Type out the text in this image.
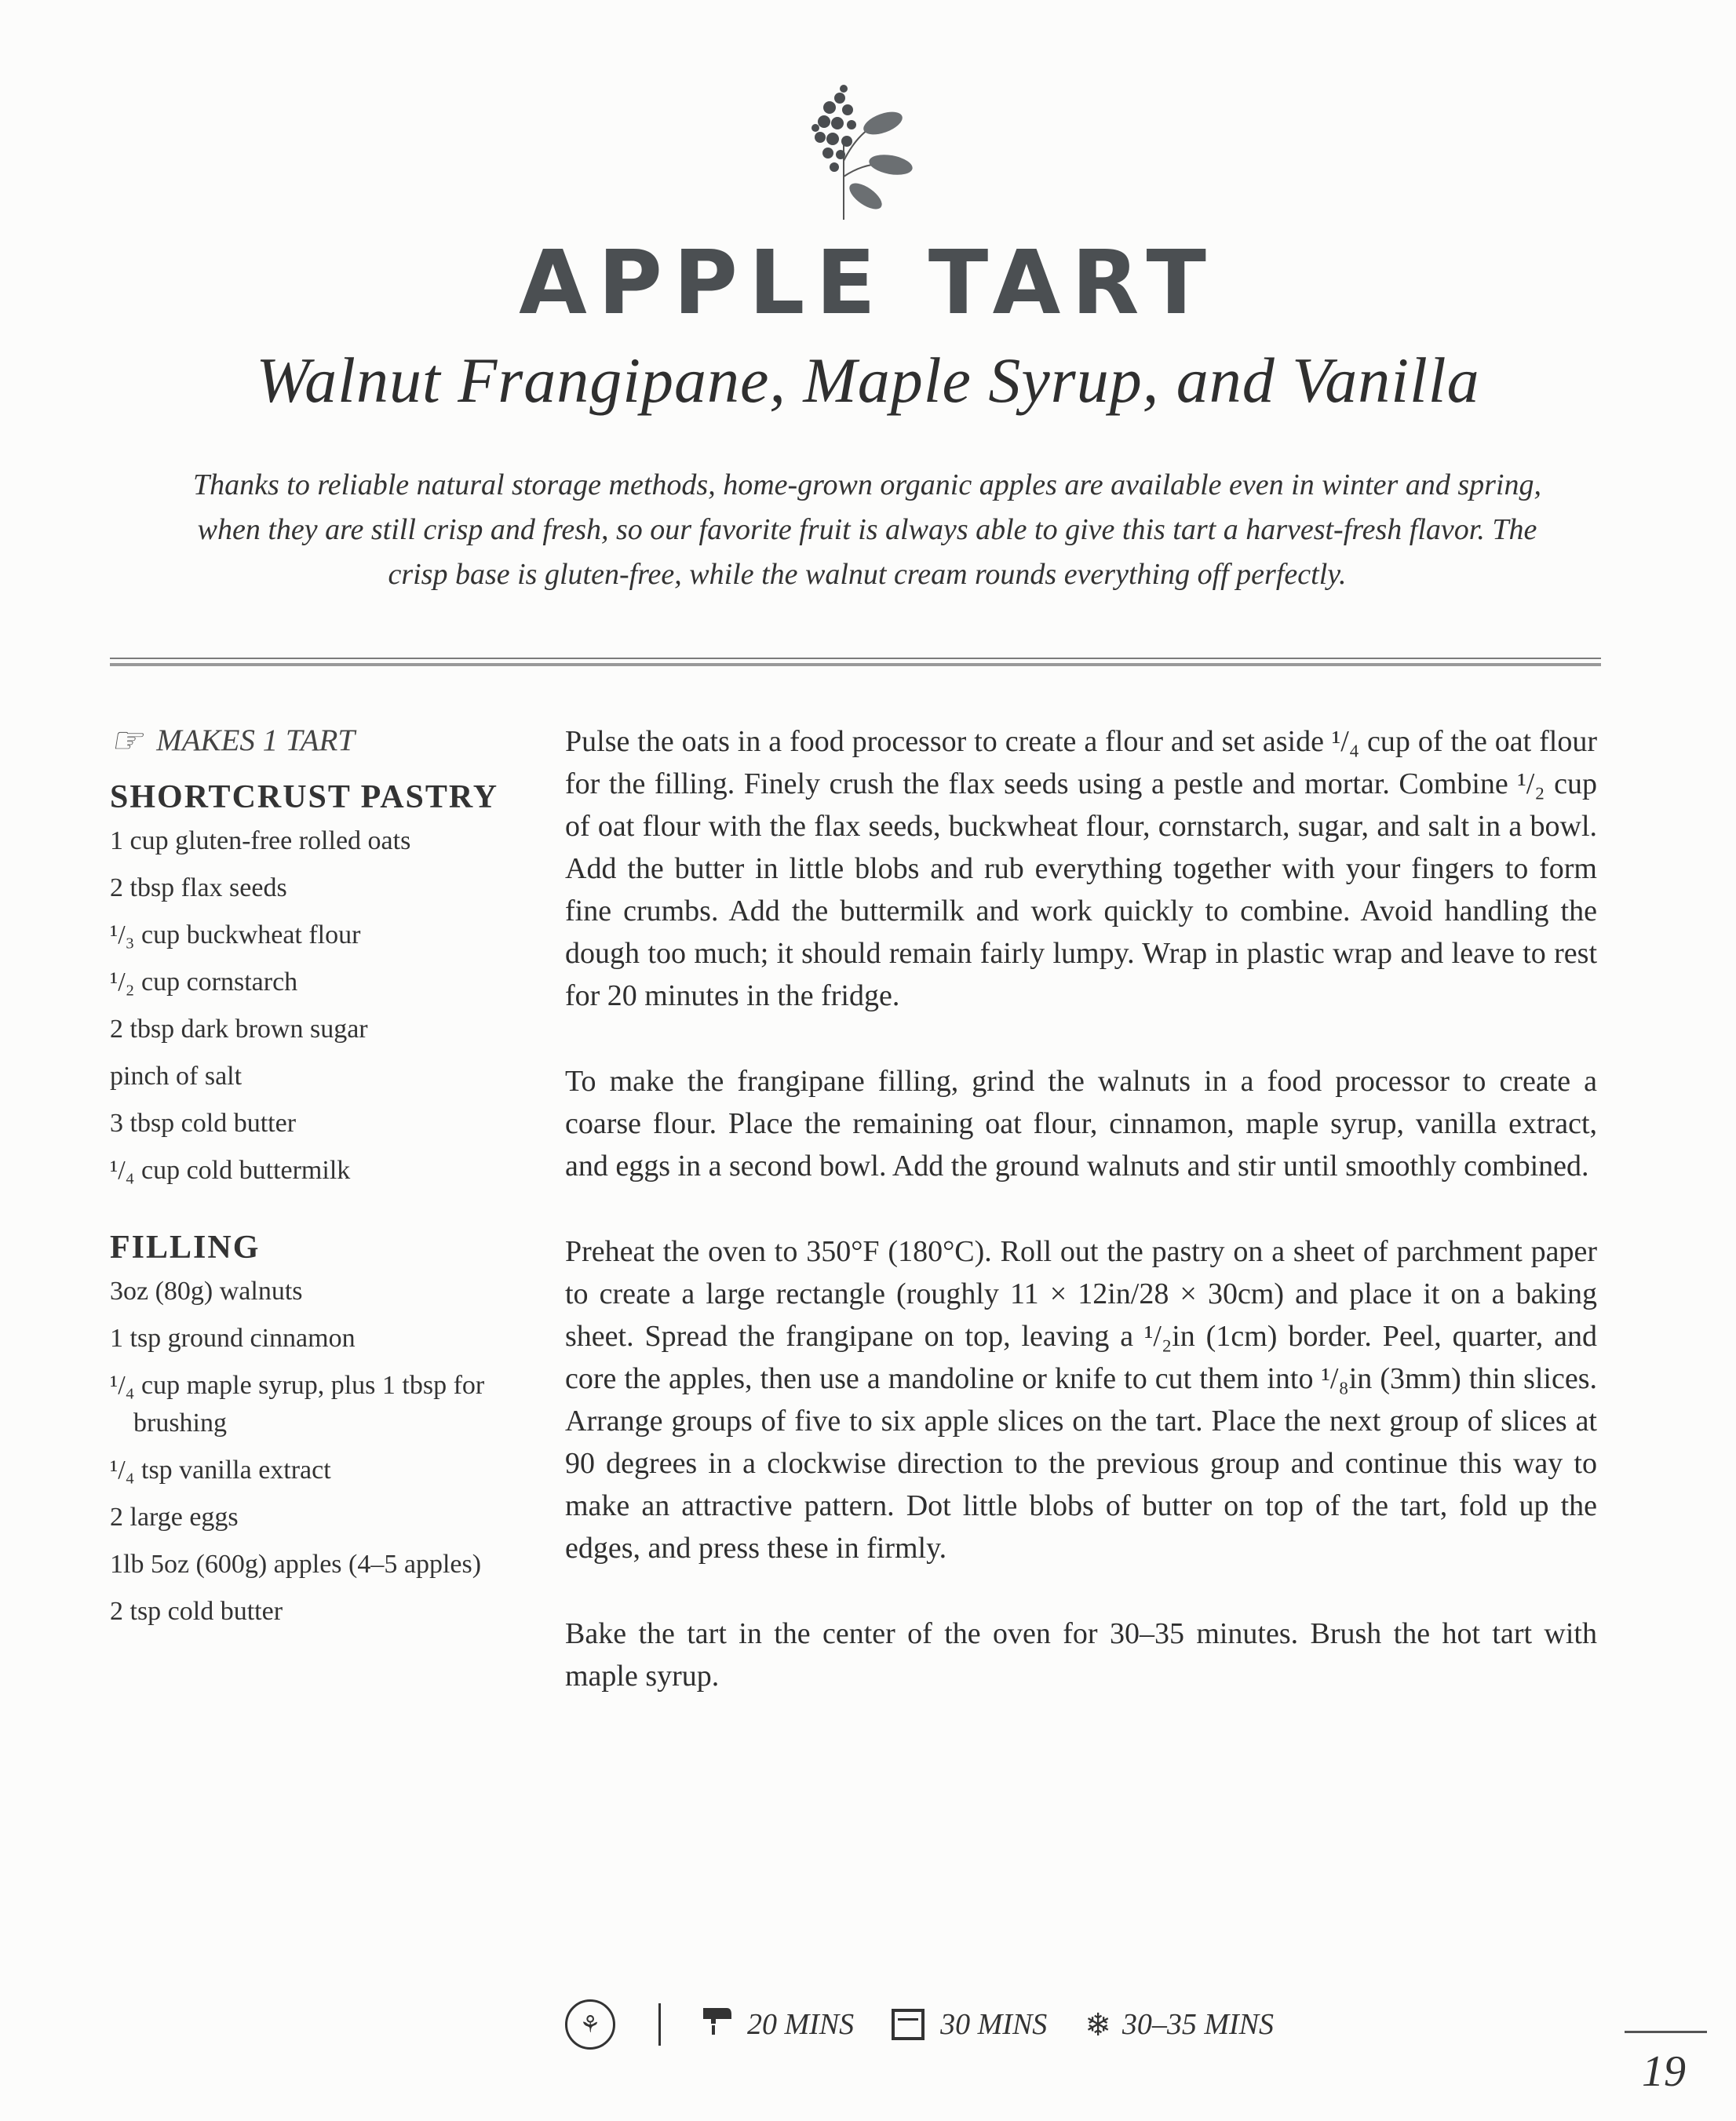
APPLE TART
Walnut Frangipane, Maple Syrup, and Vanilla
Thanks to reliable natural storage methods, home-grown organic apples are available even in winter and spring, when they are still crisp and fresh, so our favorite fruit is always able to give this tart a harvest-fresh flavor. The crisp base is gluten-free, while the walnut cream rounds everything off perfectly.
☞ MAKES 1 TART
SHORTCRUST PASTRY
1 cup gluten-free rolled oats
2 tbsp flax seeds
¹/₃ cup buckwheat flour
¹/₂ cup cornstarch
2 tbsp dark brown sugar
pinch of salt
3 tbsp cold butter
¹/₄ cup cold buttermilk
FILLING
3oz (80g) walnuts
1 tsp ground cinnamon
¹/₄ cup maple syrup, plus 1 tbsp for brushing
¹/₄ tsp vanilla extract
2 large eggs
1lb 5oz (600g) apples (4–5 apples)
2 tsp cold butter

Pulse the oats in a food processor to create a flour and set aside ¹/₄ cup of the oat flour for the filling. Finely crush the flax seeds using a pestle and mortar. Combine ¹/₂ cup of oat flour with the flax seeds, buckwheat flour, cornstarch, sugar, and salt in a bowl. Add the butter in little blobs and rub everything together with your fingers to form fine crumbs. Add the buttermilk and work quickly to combine. Avoid handling the dough too much; it should remain fairly lumpy. Wrap in plastic wrap and leave to rest for 20 minutes in the fridge.

To make the frangipane filling, grind the walnuts in a food processor to create a coarse flour. Place the remaining oat flour, cinnamon, maple syrup, vanilla extract, and eggs in a second bowl. Add the ground walnuts and stir until smoothly combined.

Preheat the oven to 350°F (180°C). Roll out the pastry on a sheet of parchment paper to create a large rectangle (roughly 11 × 12in/28 × 30cm) and place it on a baking sheet. Spread the frangipane on top, leaving a ¹/₂in (1cm) border. Peel, quarter, and core the apples, then use a mandoline or knife to cut them into ¹/₈in (3mm) thin slices. Arrange groups of five to six apple slices on the tart. Place the next group of slices at 90 degrees in a clockwise direction to the previous group and continue this way to make an attractive pattern. Dot little blobs of butter on top of the tart, fold up the edges, and press these in firmly.

Bake the tart in the center of the oven for 30–35 minutes. Brush the hot tart with maple syrup.

⚘	20 MINS	30 MINS ❄ 30–35 MINS
19
